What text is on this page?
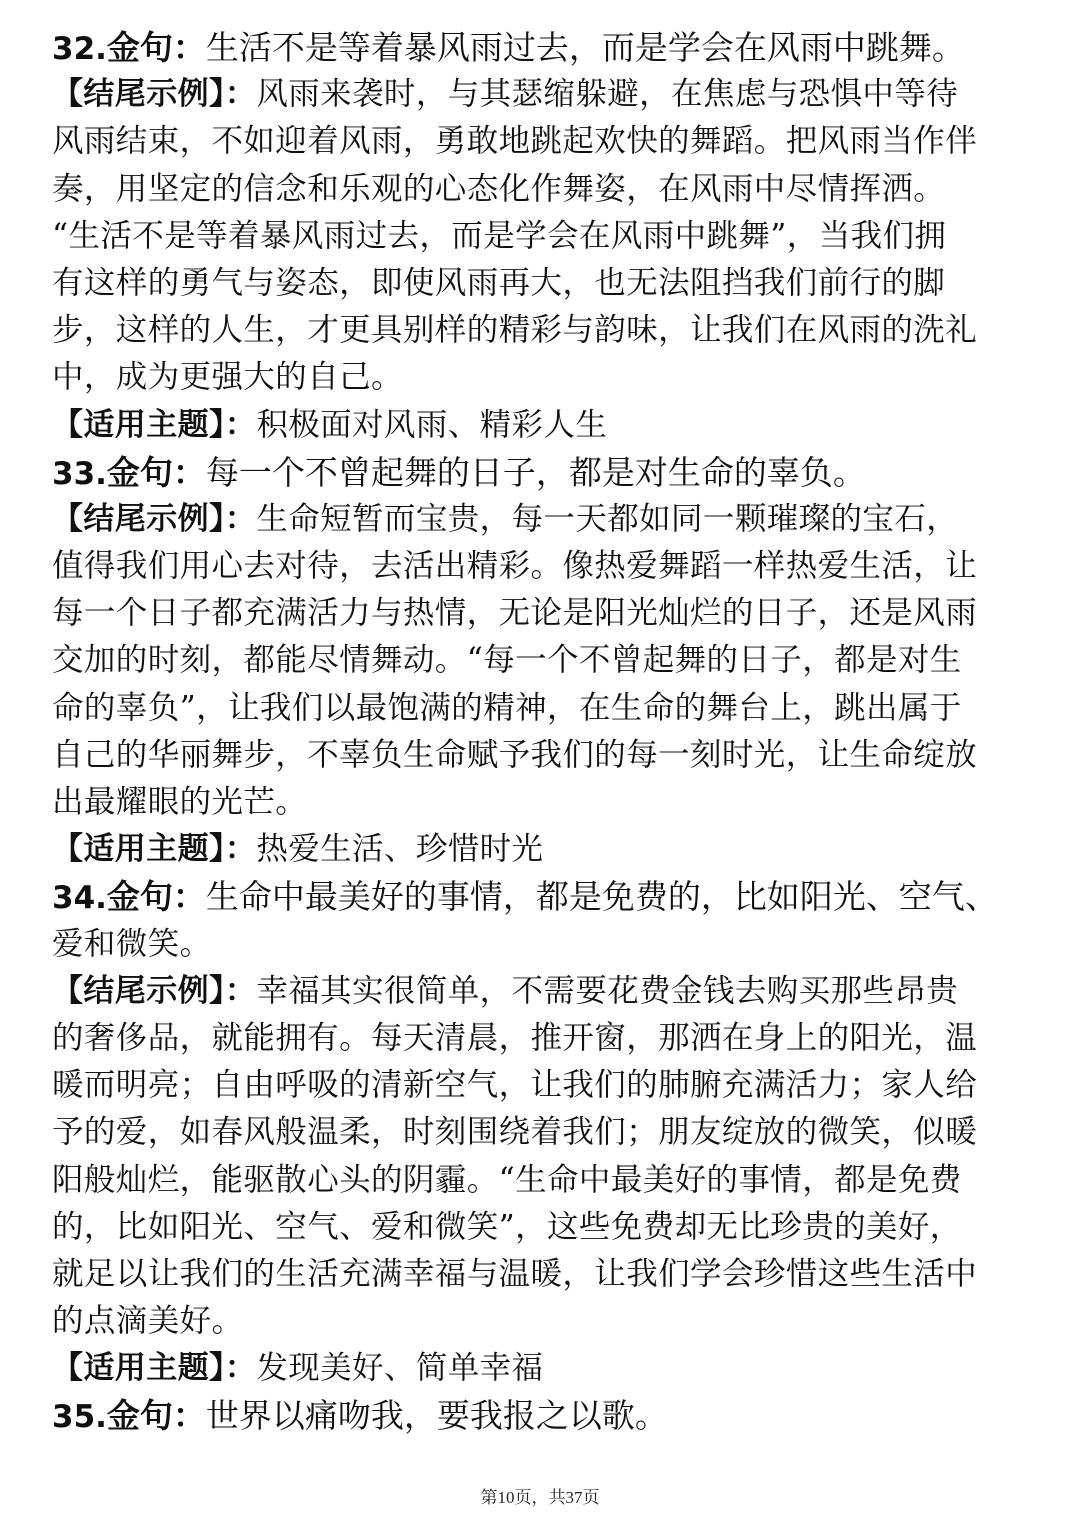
32.金句：生活不是等着暴风雨过去，而是学会在风雨中跳舞。
【结尾示例】：风雨来袭时，与其瑟缩躲避，在焦虑与恐惧中等待
风雨结束，不如迎着风雨，勇敢地跳起欢快的舞蹈。把风雨当作伴
奏，用坚定的信念和乐观的心态化作舞姿，在风雨中尽情挥洒。
“生活不是等着暴风雨过去，而是学会在风雨中跳舞”，当我们拥
有这样的勇气与姿态，即使风雨再大，也无法阻挡我们前行的脚
步，这样的人生，才更具别样的精彩与韵味，让我们在风雨的洗礼
中，成为更强大的自己。
【适用主题】：积极面对风雨、精彩人生
33.金句：每一个不曾起舞的日子，都是对生命的辜负。
【结尾示例】：生命短暂而宝贵，每一天都如同一颗璀璨的宝石，
值得我们用心去对待，去活出精彩。像热爱舞蹈一样热爱生活，让
每一个日子都充满活力与热情，无论是阳光灿烂的日子，还是风雨
交加的时刻，都能尽情舞动。“每一个不曾起舞的日子，都是对生
命的辜负”，让我们以最饱满的精神，在生命的舞台上，跳出属于
自己的华丽舞步，不辜负生命赋予我们的每一刻时光，让生命绽放
出最耀眼的光芒。
【适用主题】：热爱生活、珍惜时光
34.金句：生命中最美好的事情，都是免费的，比如阳光、空气、
爱和微笑。
【结尾示例】：幸福其实很简单，不需要花费金钱去购买那些昂贵
的奢侈品，就能拥有。每天清晨，推开窗，那洒在身上的阳光，温
暖而明亮；自由呼吸的清新空气，让我们的肺腑充满活力；家人给
予的爱，如春风般温柔，时刻围绕着我们；朋友绽放的微笑，似暖
阳般灿烂，能驱散心头的阴霾。“生命中最美好的事情，都是免费
的，比如阳光、空气、爱和微笑”，这些免费却无比珍贵的美好，
就足以让我们的生活充满幸福与温暖，让我们学会珍惜这些生活中
的点滴美好。
【适用主题】：发现美好、简单幸福
35.金句：世界以痛吻我，要我报之以歌。
第10页，共37页
